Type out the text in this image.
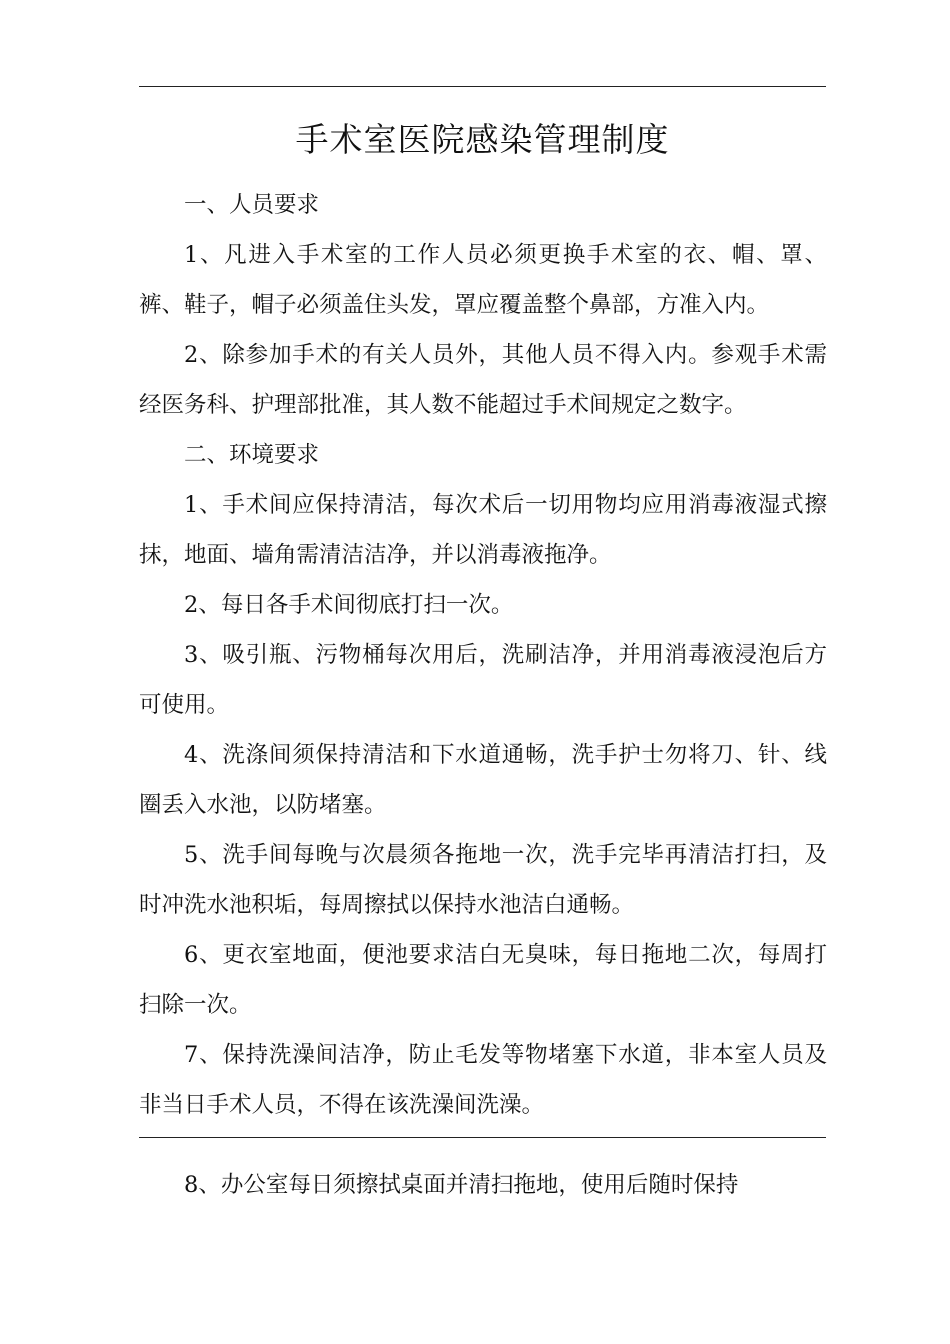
手术室医院感染管理制度

一、人员要求

1、凡进入手术室的工作人员必须更换手术室的衣、帽、罩、裤、鞋子，帽子必须盖住头发，罩应覆盖整个鼻部，方准入内。

2、除参加手术的有关人员外，其他人员不得入内。参观手术需经医务科、护理部批准，其人数不能超过手术间规定之数字。

二、环境要求

1、手术间应保持清洁，每次术后一切用物均应用消毒液湿式擦抹，地面、墙角需清洁洁净，并以消毒液拖净。

2、每日各手术间彻底打扫一次。

3、吸引瓶、污物桶每次用后，洗刷洁净，并用消毒液浸泡后方可使用。

4、洗涤间须保持清洁和下水道通畅，洗手护士勿将刀、针、线圈丢入水池，以防堵塞。

5、洗手间每晚与次晨须各拖地一次，洗手完毕再清洁打扫，及时冲洗水池积垢，每周擦拭以保持水池洁白通畅。

6、更衣室地面，便池要求洁白无臭味，每日拖地二次，每周打扫除一次。

7、保持洗澡间洁净，防止毛发等物堵塞下水道，非本室人员及非当日手术人员，不得在该洗澡间洗澡。

8、办公室每日须擦拭桌面并清扫拖地，使用后随时保持
